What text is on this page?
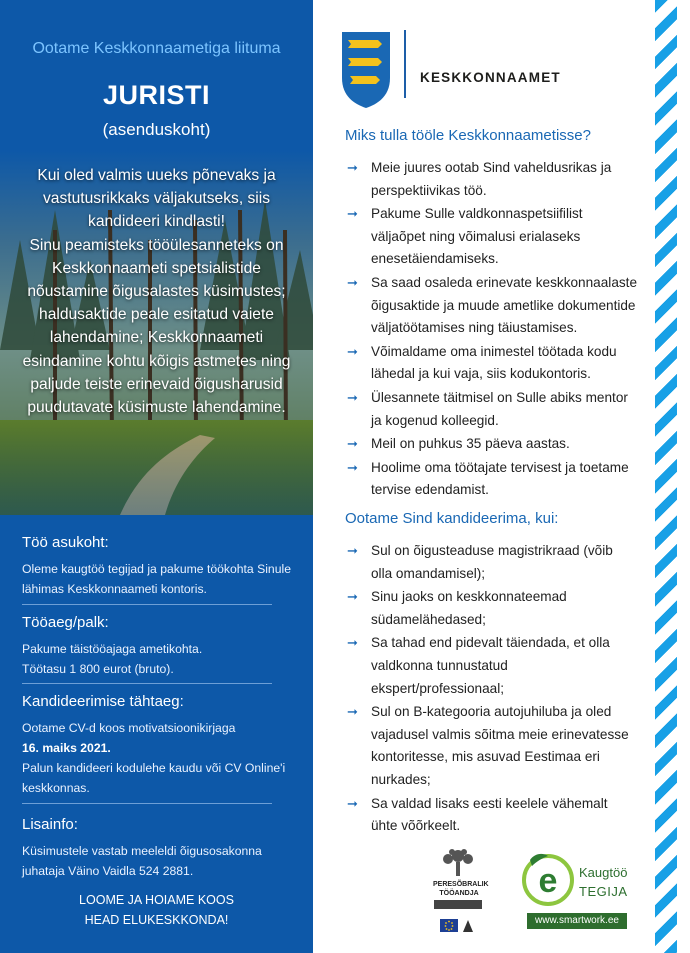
Ootame Keskkonnaametiga liituma
JURISTI
(asenduskoht)

Kui oled valmis uueks põnevaks ja vastutusrikkaks väljakutseks, siis kandideeri kindlasti!

Sinu peamisteks tööülesanneteks on Keskkonnaameti spetsialistide nõustamine õigusalastes küsimustes; haldusaktide peale esitatud vaiete lahendamine; Keskkonnaameti esindamine kohtu kõigis astmetes ning paljude teiste erinevaid õigusharusid puudutavate küsimuste lahendamine.

Töö asukoht:

Oleme kaugtöö tegijad ja pakume töökohta Sinule lähimas Keskkonnaameti kontoris.

Tööaeg/palk:

Pakume täistööajaga ametikohta.

Töötasu 1 800 eurot (bruto).

Kandideerimise tähtaeg:

Ootame CV-d koos motivatsioonikirjaga

16. maiks 2021.

Palun kandideeri kodulehe kaudu või CV Online'i keskkonnas.

Lisainfo:

Küsimustele vastab meeleldi õigusosakonna juhataja Väino Vaidla 524 2881.

LOOME JA HOIAME KOOS
HEAD ELUKESKKONDA!
KESKKONNAAMET
Miks tulla tööle Keskkonnaametisse?
➞ Meie juures ootab Sind vaheldusrikas ja perspektiivikas töö.
➞ Pakume Sulle valdkonnaspetsiifilist väljaõpet ning võimalusi erialaseks enesetäiendamiseks.
➞ Sa saad osaleda erinevate keskkonnaalaste õigusaktide ja muude ametlike dokumentide väljatöötamises ning täiustamises.
➞ Võimaldame oma inimestel töötada kodu lähedal ja kui vaja, siis kodukontoris.
➞ Ülesannete täitmisel on Sulle abiks mentor ja kogenud kolleegid.
➞ Meil on puhkus 35 päeva aastas.
➞ Hoolime oma töötajate tervisest ja toetame tervise edendamist.
Ootame Sind kandideerima, kui:
➞ Sul on õigusteaduse magistrikraad (võib olla omandamisel);
➞ Sinu jaoks on keskkonnateemad südamelähedased;
➞ Sa tahad end pidevalt täiendada, et olla valdkonna tunnustatud ekspert/professionaal;
➞ Sul on B-kategooria autojuhiluba ja oled vajadusel valmis sõitma meie erinevatesse kontoritesse, mis asuvad Eestimaa eri nurkades;
➞ Sa valdad lisaks eesti keelele vähemalt ühte võõrkeelt.
PERESÕBRALIK
TÖÖANDJA e Kaugtöö
TEGIJA
www.smartwork.ee
